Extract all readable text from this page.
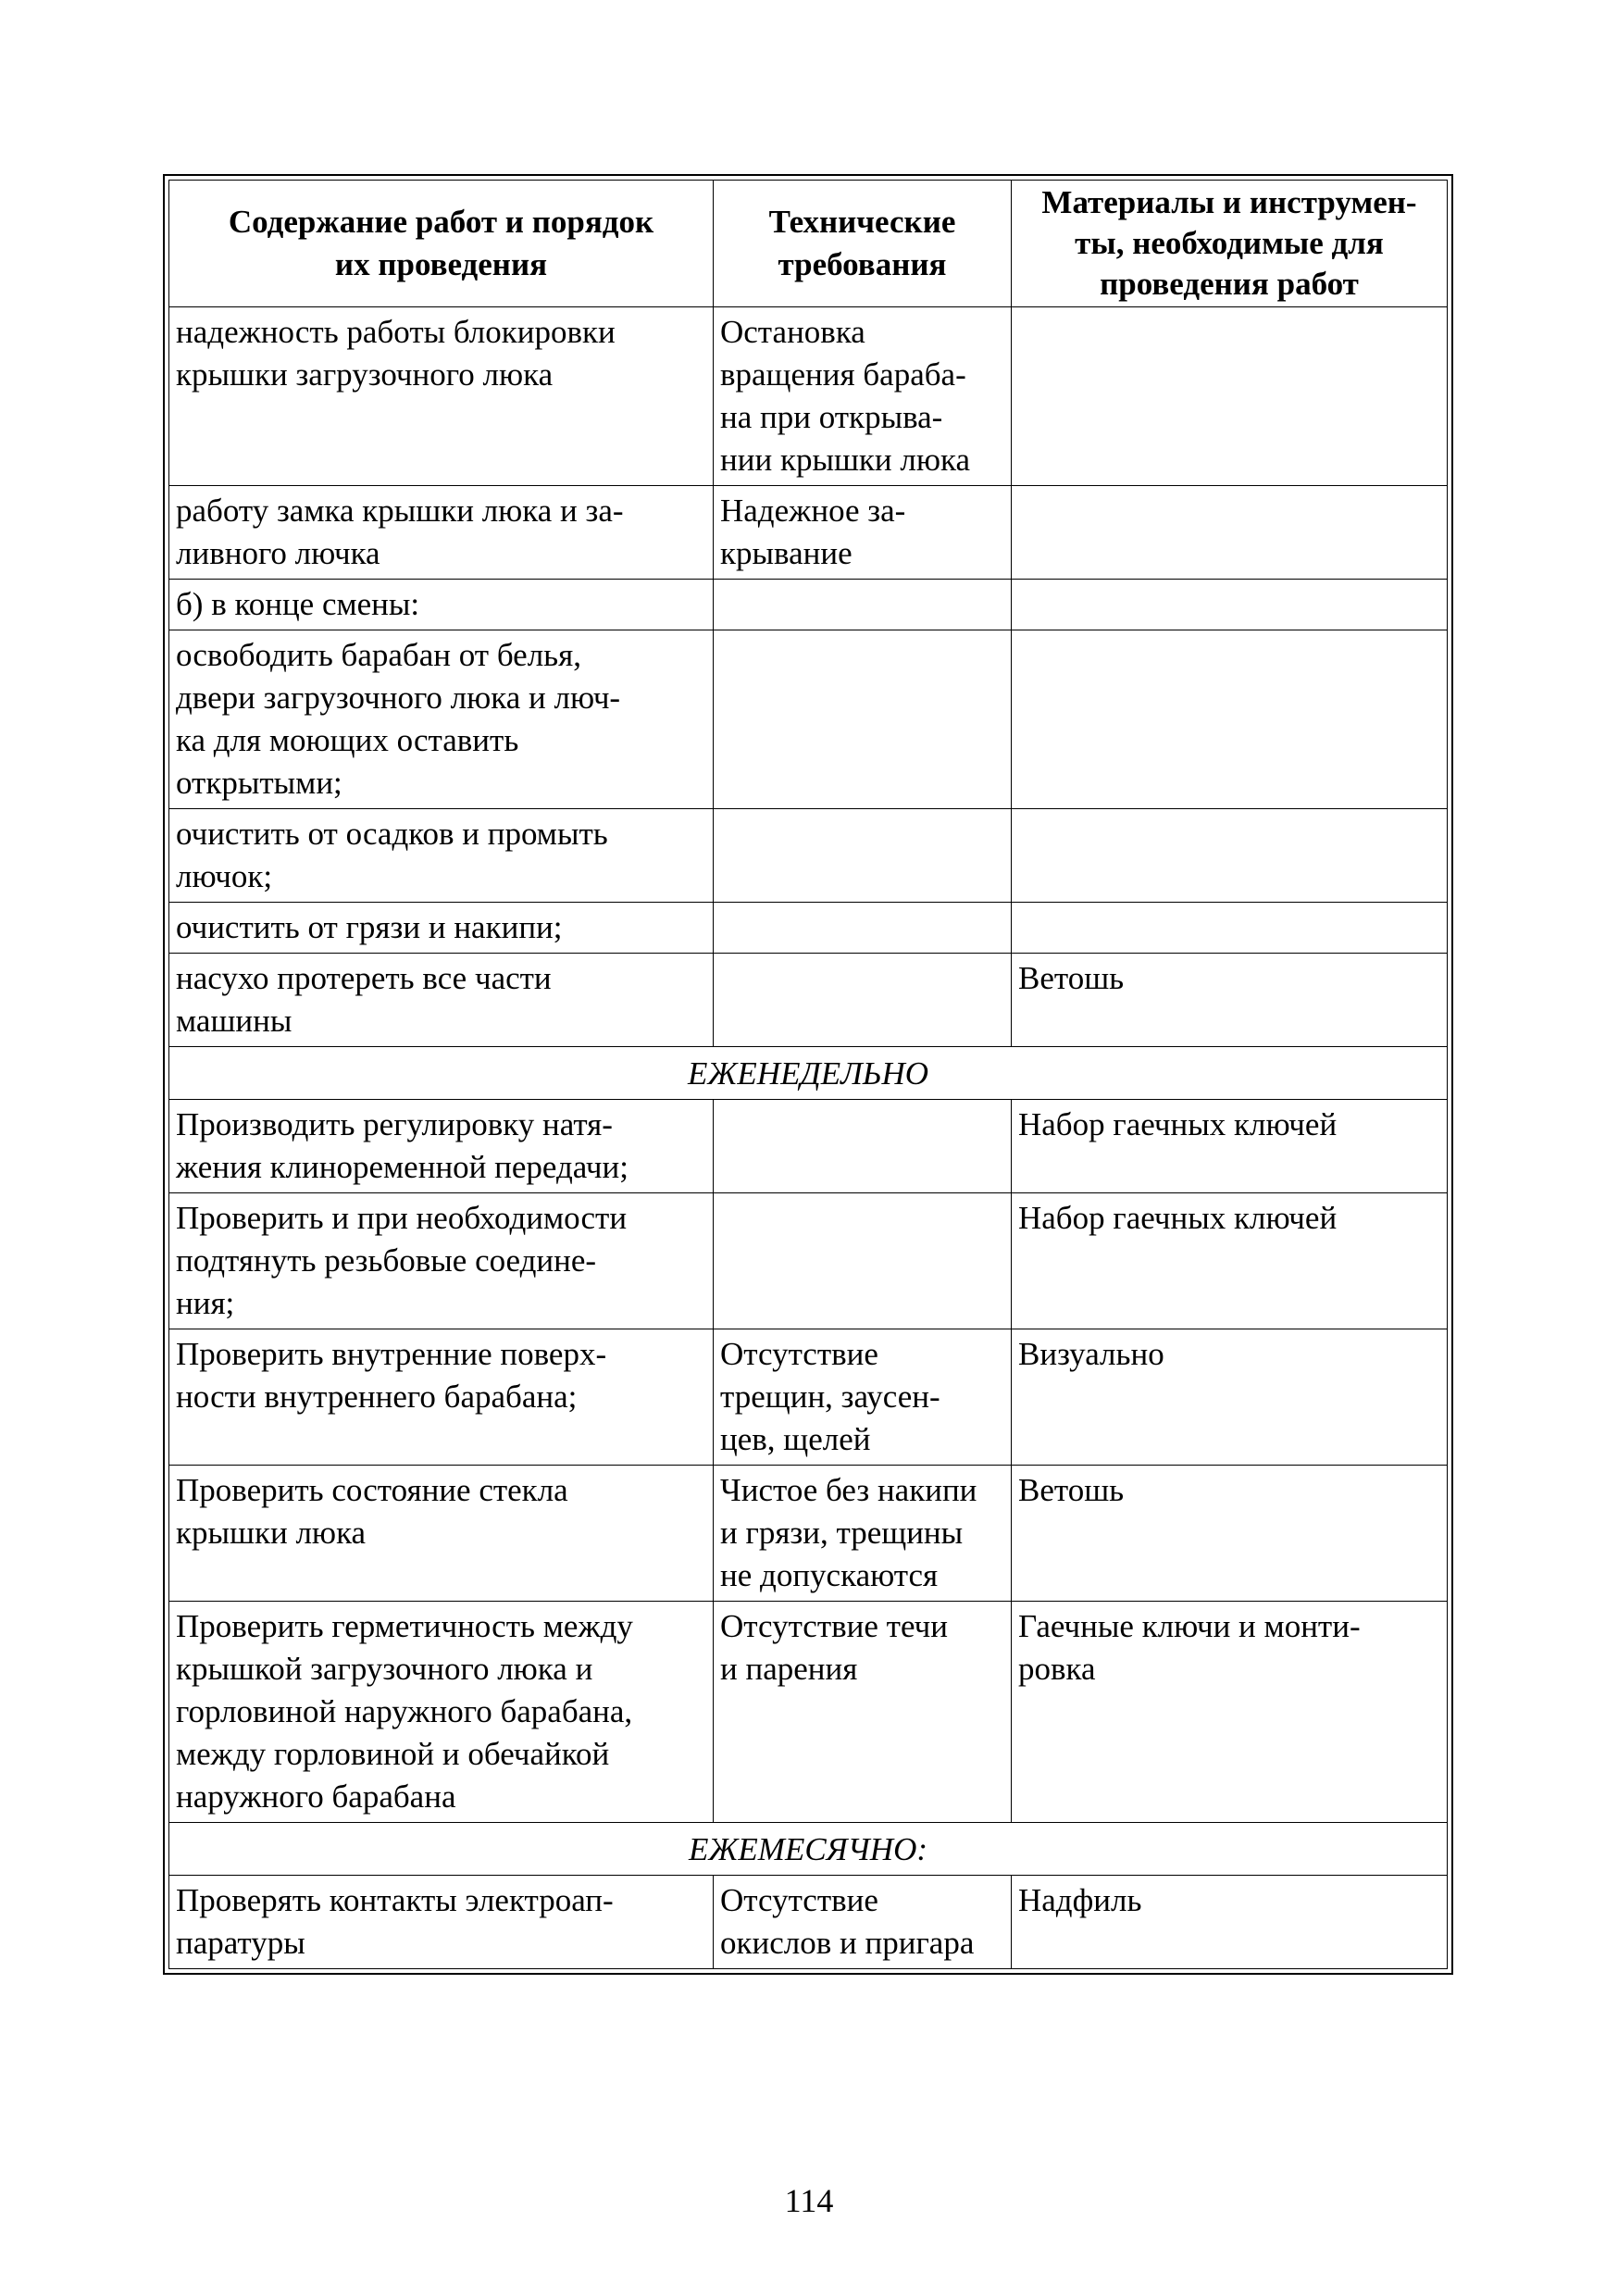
Содержание работ и порядок
их проведения	Технические
требования	Материалы и инструмен-
ты, необходимые для
проведения работ

надежность работы блокировки
крышки загрузочного люка	Остановка
вращения бараба-
на при открыва-
нии крышки люка	

работу замка крышки люка и за-
ливного лючка	Надежное за-
крывание	

б) в конце смены:		

освободить барабан от белья,
двери загрузочного люка и люч-
ка для моющих оставить
открытыми;		

очистить от осадков и промыть
лючок;		

очистить от грязи и накипи;		

насухо протереть все части
машины		Ветошь

ЕЖЕНЕДЕЛЬНО		

Производить регулировку натя-
жения клиноременной передачи;		Набор гаечных ключей

Проверить и при необходимости
подтянуть резьбовые соедине-
ния;		Набор гаечных ключей

Проверить внутренние поверх-
ности внутреннего барабана;	Отсутствие
трещин, заусен-
цев, щелей	Визуально

Проверить состояние стекла
крышки люка	Чистое без накипи
и грязи, трещины
не допускаются	Ветошь

Проверить герметичность между
крышкой загрузочного люка и
горловиной наружного барабана,
между горловиной и обечайкой
наружного барабана	Отсутствие течи
и парения	Гаечные ключи и монти-
ровка

ЕЖЕМЕСЯЧНО:		

Проверять контакты электроап-
паратуры	Отсутствие
окислов и пригара	Надфиль
114
